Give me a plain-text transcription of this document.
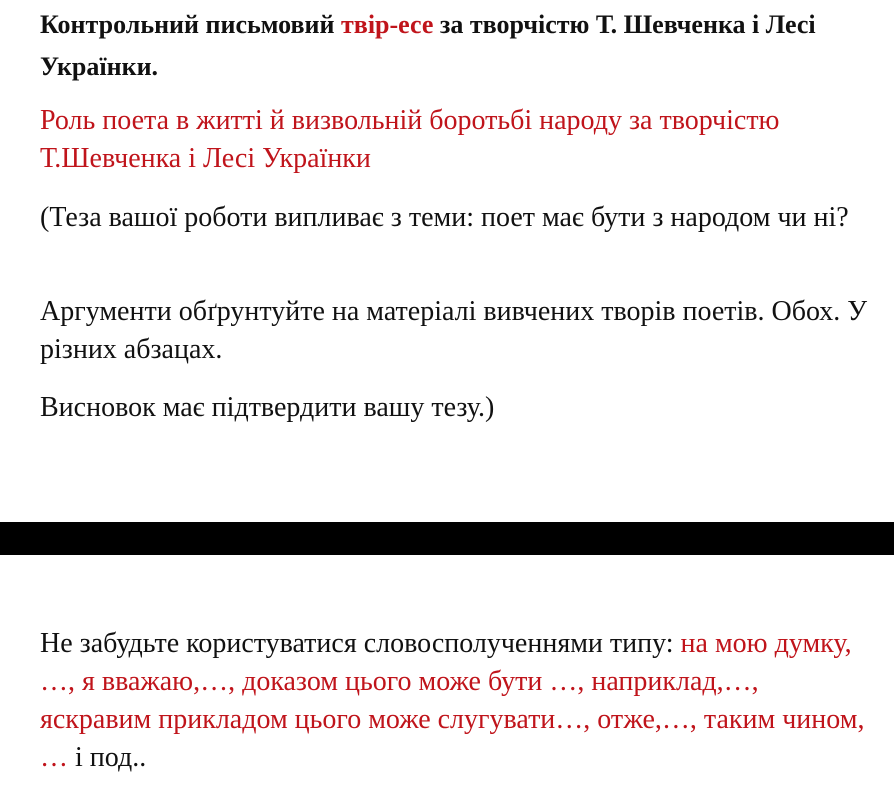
Контрольний письмовий твір-есе за творчістю Т. Шевченка і Лесі Українки.

Роль поета в житті й визвольній боротьбі народу за творчістю Т.Шевченка і Лесі Українки

(Теза вашої роботи випливає з теми: поет має бути з народом чи ні?

Аргументи обґрунтуйте на матеріалі вивчених творів поетів. Обох. У різних абзацах.

Висновок має підтвердити вашу тезу.)

Не забудьте користуватися словосполученнями типу: на мою думку, …, я вважаю,…, доказом цього може бути …, наприклад,…, яскравим прикладом цього може слугувати…, отже,…, таким чином, … і под..
